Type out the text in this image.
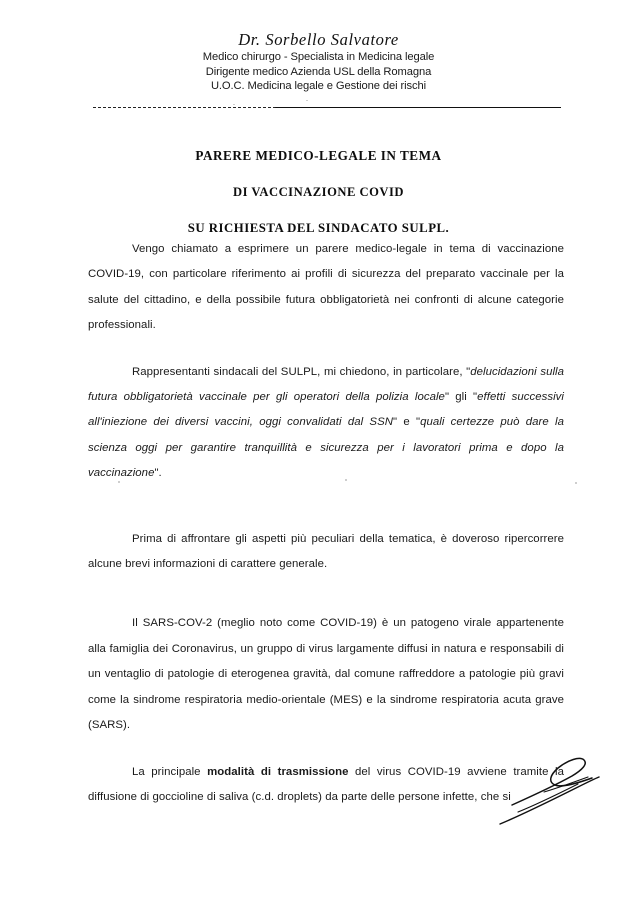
Dr. Sorbello Salvatore
Medico chirurgo - Specialista in Medicina legale
Dirigente medico Azienda USL della Romagna
U.O.C. Medicina legale e Gestione dei rischi
PARERE MEDICO-LEGALE IN TEMA
DI VACCINAZIONE COVID
SU RICHIESTA DEL SINDACATO SULPL.

Vengo chiamato a esprimere un parere medico-legale in tema di vaccinazione COVID-19, con particolare riferimento ai profili di sicurezza del preparato vaccinale per la salute del cittadino, e della possibile futura obbligatorietà nei confronti di alcune categorie professionali.

Rappresentanti sindacali del SULPL, mi chiedono, in particolare, "delucidazioni sulla futura obbligatorietà vaccinale per gli operatori della polizia locale" gli "effetti successivi all'iniezione dei diversi vaccini, oggi convalidati dal SSN" e "quali certezze può dare la scienza oggi per garantire tranquillità e sicurezza per i lavoratori prima e dopo la vaccinazione".

Prima di affrontare gli aspetti più peculiari della tematica, è doveroso ripercorrere alcune brevi informazioni di carattere generale.

Il SARS-COV-2 (meglio noto come COVID-19) è un patogeno virale appartenente alla famiglia dei Coronavirus, un gruppo di virus largamente diffusi in natura e responsabili di un ventaglio di patologie di eterogenea gravità, dal comune raffreddore a patologie più gravi come la sindrome respiratoria medio-orientale (MES) e la sindrome respiratoria acuta grave (SARS).

La principale modalità di trasmissione del virus COVID-19 avviene tramite la diffusione di goccioline di saliva (c.d. droplets) da parte delle persone infette, che si
